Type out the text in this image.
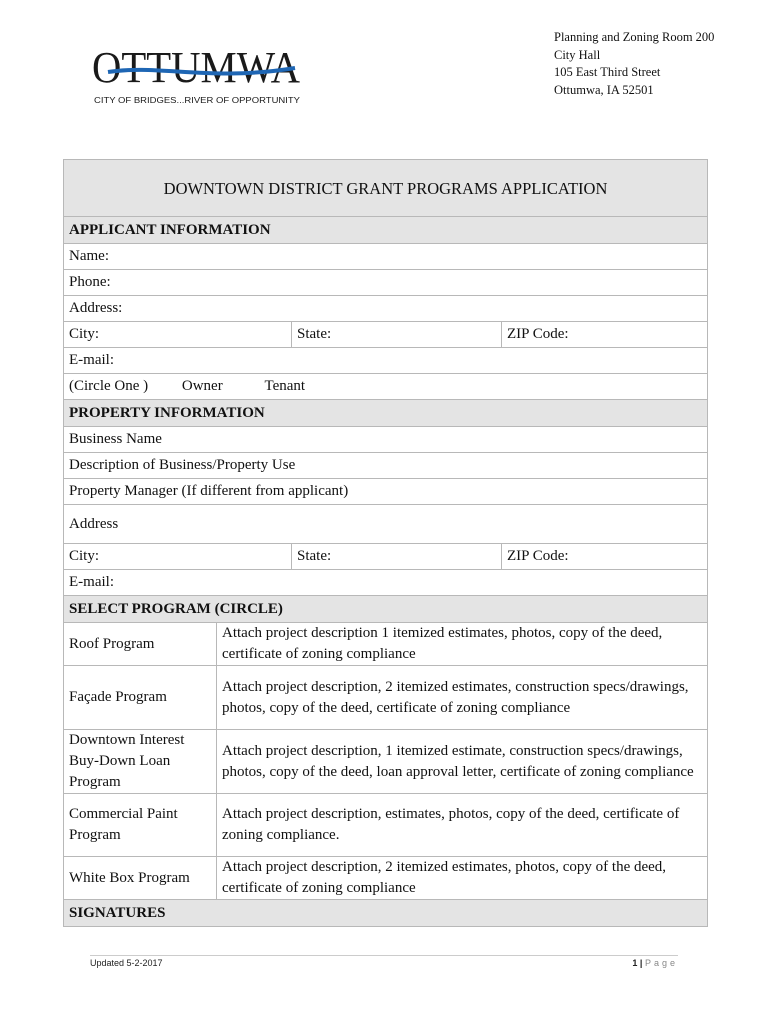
OTTUMWA
CITY OF BRIDGES...RIVER OF OPPORTUNITY
Planning and Zoning Room 200
City Hall
105 East Third Street
Ottumwa, IA 52501
DOWNTOWN DISTRICT GRANT PROGRAMS APPLICATION			
APPLICANT INFORMATION			
Name:			
Phone:			
Address:			
City:		State:	ZIP Code:
E-mail:			
(Circle One ) Owner Tenant			
PROPERTY INFORMATION			
Business Name			
Description of Business/Property Use			
Property Manager (If different from applicant)			
Address			
City:		State:	ZIP Code:
E-mail:			
SELECT PROGRAM (CIRCLE)			
Roof Program	Attach project description 1 itemized estimates, photos, copy of the deed, certificate of zoning compliance		
Façade Program	Attach project description, 2 itemized estimates, construction specs/drawings, photos, copy of the deed, certificate of zoning compliance		
Downtown Interest Buy-Down Loan Program	Attach project description, 1 itemized estimate, construction specs/drawings, photos, copy of the deed, loan approval letter, certificate of zoning compliance		
Commercial Paint Program	Attach project description, estimates, photos, copy of the deed, certificate of zoning compliance.		
White Box Program	Attach project description, 2 itemized estimates, photos, copy of the deed, certificate of zoning compliance		
SIGNATURES			
Updated 5-2-2017	1 | Page
